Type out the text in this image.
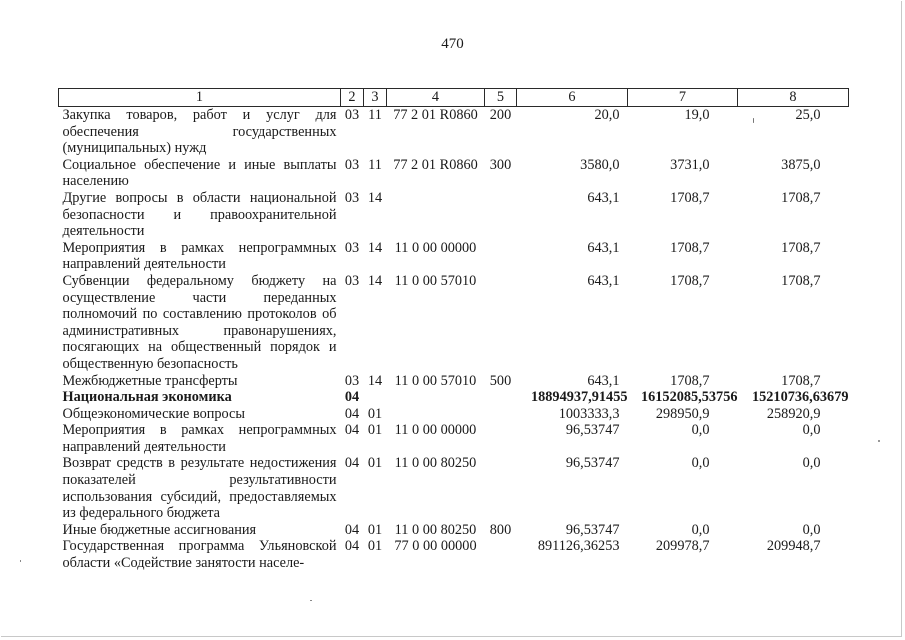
470
1	2	3	4	5	6	7	8
Закупка товаров, работ и услуг для обеспечения государственных (муниципальных) нужд	03	11	77 2 01 R0860	200	20,0	19,0	25,0
Социальное обеспечение и иные выплаты населению	03	11	77 2 01 R0860	300	3580,0	3731,0	3875,0
Другие вопросы в области национальной безопасности и правоохранительной деятельности	03	14			643,1	1708,7	1708,7
Мероприятия в рамках непрограммных направлений деятельности	03	14	11 0 00 00000		643,1	1708,7	1708,7
Субвенции федеральному бюджету на осуществление части переданных полномочий по составлению протоколов об административных правонарушениях, посягающих на общественный порядок и общественную безопасность	03	14	11 0 00 57010		643,1	1708,7	1708,7
Межбюджетные трансферты	03	14	11 0 00 57010	500	643,1	1708,7	1708,7
Национальная экономика	04				18894937,91455	16152085,53756	15210736,63679
Общеэкономические вопросы	04	01			1003333,3	298950,9	258920,9
Мероприятия в рамках непрограммных направлений деятельности	04	01	11 0 00 00000		96,53747	0,0	0,0
Возврат средств в результате недостижения показателей результативности использования субсидий, предоставляемых из федерального бюджета	04	01	11 0 00 80250		96,53747	0,0	0,0
Иные бюджетные ассигнования	04	01	11 0 00 80250	800	96,53747	0,0	0,0
Государственная программа Ульяновской области «Содействие занятости населе-	04	01	77 0 00 00000		891126,36253	209978,7	209948,7
